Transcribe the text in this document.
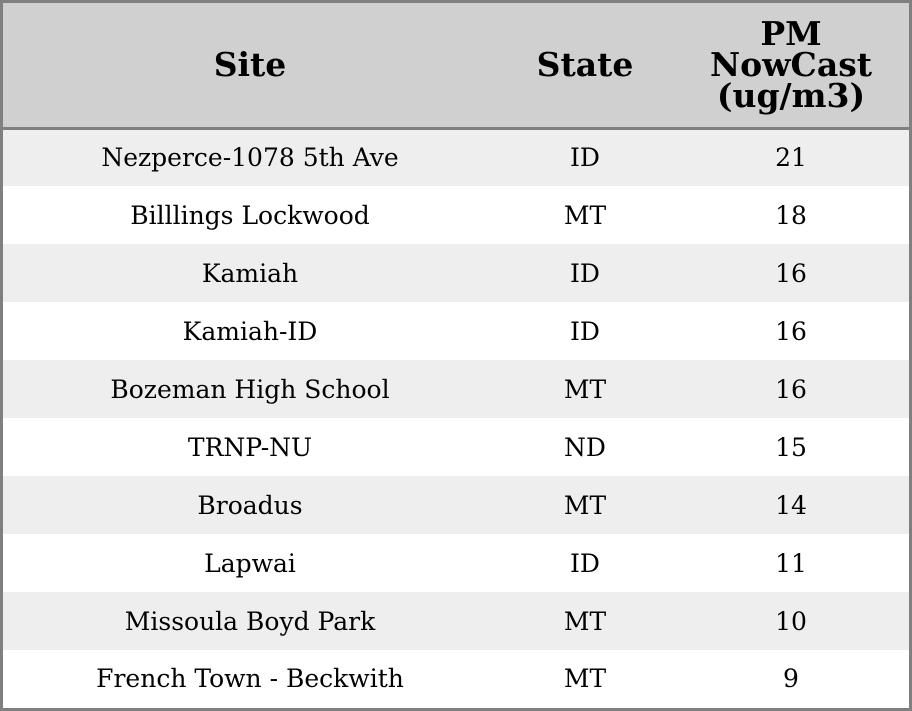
Site	State	PM
NowCast
(ug/m3)
Nezperce-1078 5th Ave	ID	21
Billlings Lockwood	MT	18
Kamiah	ID	16
Kamiah-ID	ID	16
Bozeman High School	MT	16
TRNP-NU	ND	15
Broadus	MT	14
Lapwai	ID	11
Missoula Boyd Park	MT	10
French Town - Beckwith	MT	9
